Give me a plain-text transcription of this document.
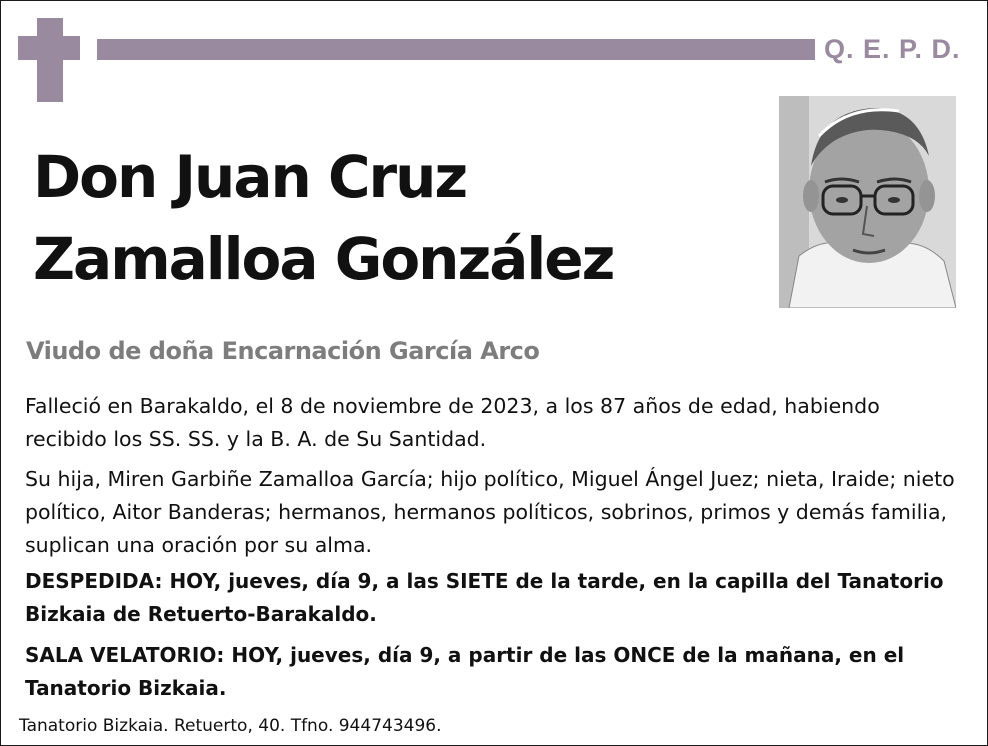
Q. E. P. D.
Don Juan Cruz
Zamalloa González
Viudo de doña Encarnación García Arco

Falleció en Barakaldo, el 8 de noviembre de 2023, a los 87 años de edad, habiendo recibido los SS. SS. y la B. A. de Su Santidad.

Su hija, Miren Garbiñe Zamalloa García; hijo político, Miguel Ángel Juez; nieta, Iraide; nieto político, Aitor Banderas; hermanos, hermanos políticos, sobrinos, primos y demás familia, suplican una oración por su alma.

DESPEDIDA: HOY, jueves, día 9, a las SIETE de la tarde, en la capilla del Tanatorio Bizkaia de Retuerto-Barakaldo.

SALA VELATORIO: HOY, jueves, día 9, a partir de las ONCE de la mañana, en el Tanatorio Bizkaia.

Tanatorio Bizkaia. Retuerto, 40. Tfno. 944743496.
